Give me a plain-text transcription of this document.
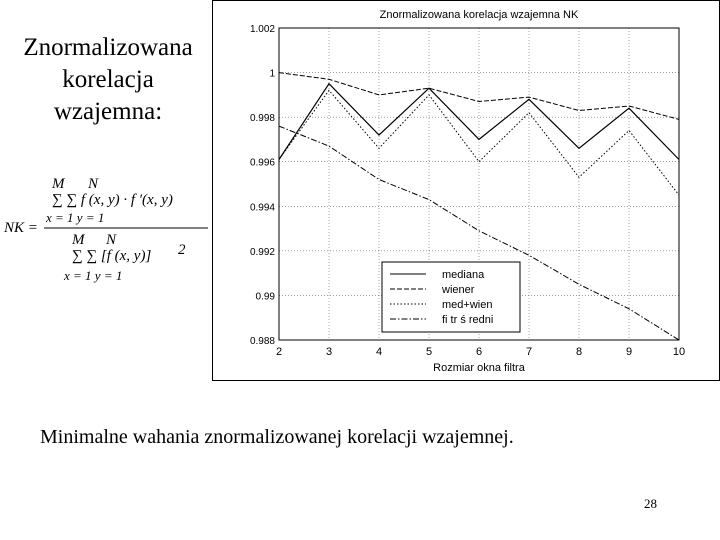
Znormalizowana
korelacja
wzajemna:
NK =
M N
∑ ∑ f (x, y) · f ′(x, y)
x = 1 y = 1
M N
∑ ∑ [f (x, y)] 2
x = 1 y = 1
Znormalizowana korelacja wzajemna NK
1.002
1
0.998
0.996
0.994
0.992
0.99
0.988
2	3	4	5	6	7	8	9	10
Rozmiar okna filtra
mediana
wiener
med+wien
fi tr ś redni
Minimalne wahania znormalizowanej korelacji wzajemnej.
28
